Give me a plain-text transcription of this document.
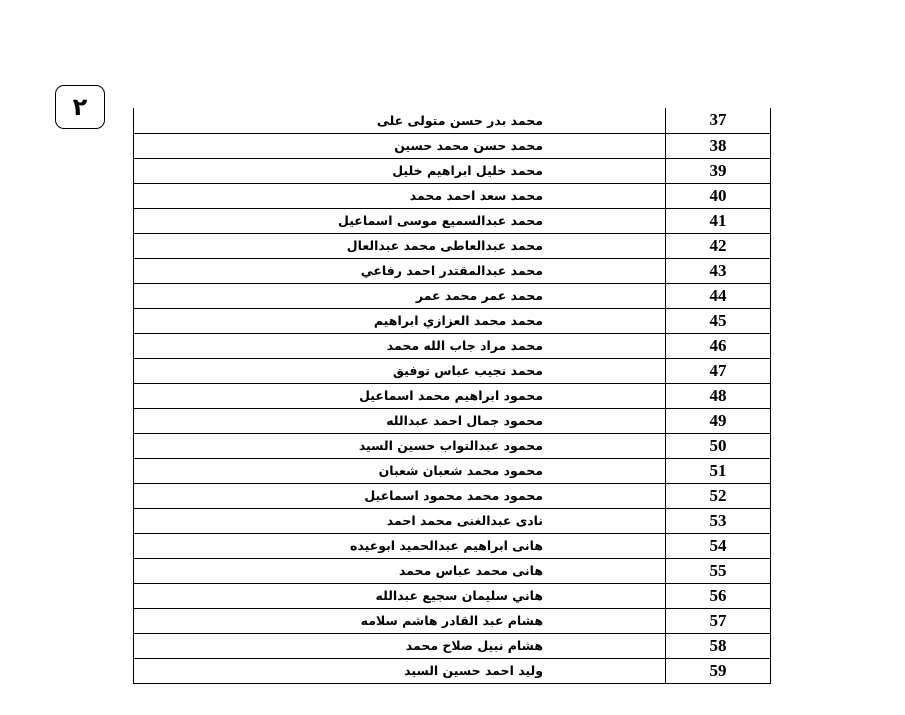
٢	محمد بدر حسن متولى على	37
محمد حسن محمد حسين	38
محمد خليل ابراهيم خليل	39
محمد سعد احمد محمد	40
محمد عبدالسميع موسى اسماعيل	41
محمد عبدالعاطى محمد عبدالعال	42
محمد عبدالمقتدر احمد رفاعي	43
محمد عمر محمد عمر	44
محمد محمد العزازي ابراهيم	45
محمد مراد جاب الله محمد	46
محمد نجيب عباس توفيق	47
محمود ابراهيم محمد اسماعيل	48
محمود جمال احمد عبدالله	49
محمود عبدالتواب حسين السيد	50
محمود محمد شعبان شعبان	51
محمود محمد محمود اسماعيل	52
نادى عبدالغنى محمد احمد	53
هانى ابراهيم عبدالحميد ابوعيده	54
هانى محمد عباس محمد	55
هاني سليمان سجيع عبدالله	56
هشام عبد القادر هاشم سلامه	57
هشام نبيل صلاح محمد	58
وليد احمد حسين السيد	59
